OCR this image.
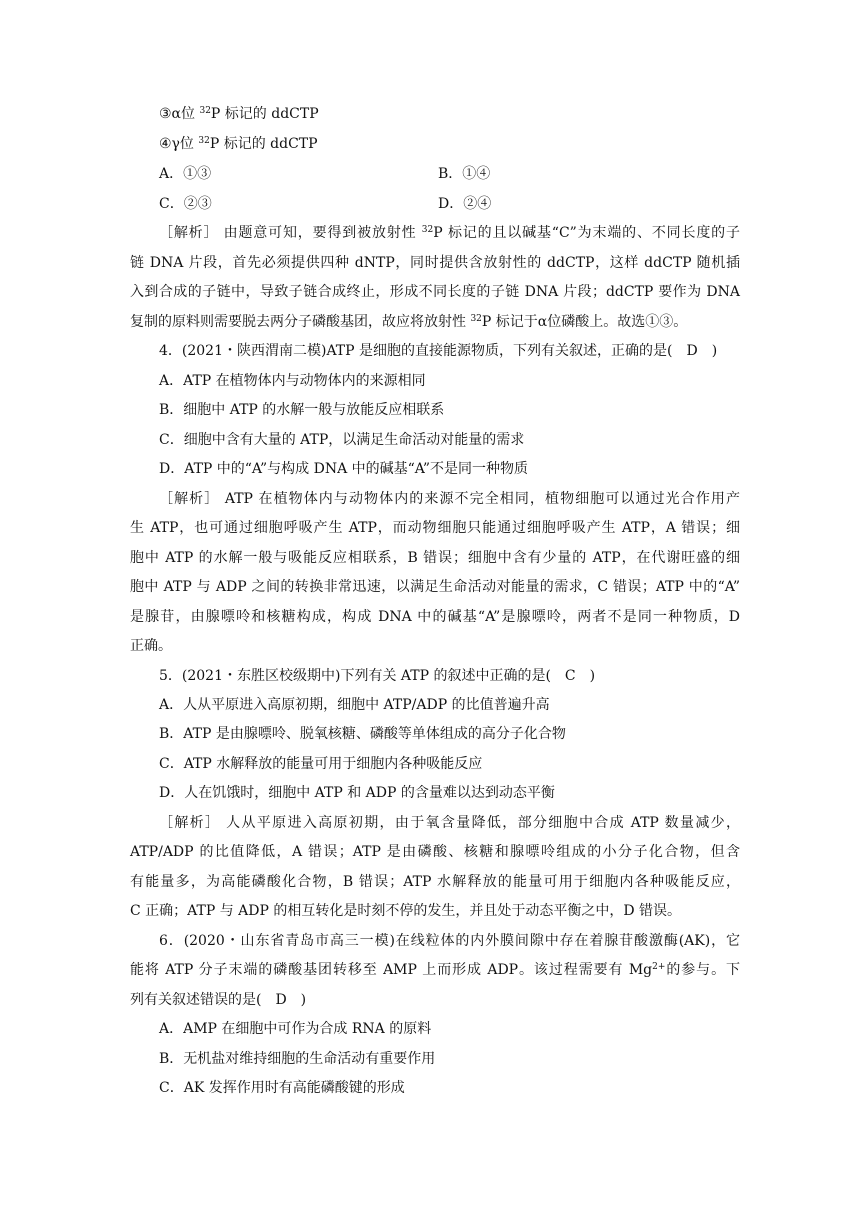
③α位 $^{32}$P 标记的 ddCTP
④γ位 $^{32}$P 标记的 ddCTP
A．①③	B．①④
C．②③	D．②④
［解析］ 由题意可知，要得到被放射性 $^{32}$P 标记的且以碱基“C”为末端的、不同长度的子
链 DNA 片段，首先必须提供四种 dNTP，同时提供含放射性的 ddCTP，这样 ddCTP 随机插
入到合成的子链中，导致子链合成终止，形成不同长度的子链 DNA 片段；ddCTP 要作为 DNA
复制的原料则需要脱去两分子磷酸基团，故应将放射性 $^{32}$P 标记于α位磷酸上。故选①③。
4．(2021・陕西渭南二模)ATP 是细胞的直接能源物质，下列有关叙述，正确的是(　D　)
A．ATP 在植物体内与动物体内的来源相同
B．细胞中 ATP 的水解一般与放能反应相联系
C．细胞中含有大量的 ATP，以满足生命活动对能量的需求
D．ATP 中的“A”与构成 DNA 中的碱基“A”不是同一种物质
［解析］ ATP 在植物体内与动物体内的来源不完全相同，植物细胞可以通过光合作用产
生 ATP，也可通过细胞呼吸产生 ATP，而动物细胞只能通过细胞呼吸产生 ATP，A 错误；细
胞中 ATP 的水解一般与吸能反应相联系，B 错误；细胞中含有少量的 ATP，在代谢旺盛的细
胞中 ATP 与 ADP 之间的转换非常迅速，以满足生命活动对能量的需求，C 错误；ATP 中的“A”
是腺苷，由腺嘌呤和核糖构成，构成 DNA 中的碱基“A”是腺嘌呤，两者不是同一种物质，D
正确。
5．(2021・东胜区校级期中)下列有关 ATP 的叙述中正确的是(　C　)
A．人从平原进入高原初期，细胞中 ATP/ADP 的比值普遍升高
B．ATP 是由腺嘌呤、脱氧核糖、磷酸等单体组成的高分子化合物
C．ATP 水解释放的能量可用于细胞内各种吸能反应
D．人在饥饿时，细胞中 ATP 和 ADP 的含量难以达到动态平衡
［解析］ 人从平原进入高原初期，由于氧含量降低，部分细胞中合成 ATP 数量减少，
ATP/ADP 的比值降低，A 错误；ATP 是由磷酸、核糖和腺嘌呤组成的小分子化合物，但含
有能量多，为高能磷酸化合物，B 错误；ATP 水解释放的能量可用于细胞内各种吸能反应，
C 正确；ATP 与 ADP 的相互转化是时刻不停的发生，并且处于动态平衡之中，D 错误。
6．(2020・山东省青岛市高三一模)在线粒体的内外膜间隙中存在着腺苷酸激酶(AK)，它
能将 ATP 分子末端的磷酸基团转移至 AMP 上而形成 ADP。该过程需要有 $Mg^{2+}$的参与。下
列有关叙述错误的是(　D　)
A．AMP 在细胞中可作为合成 RNA 的原料
B．无机盐对维持细胞的生命活动有重要作用
C．AK 发挥作用时有高能磷酸键的形成
